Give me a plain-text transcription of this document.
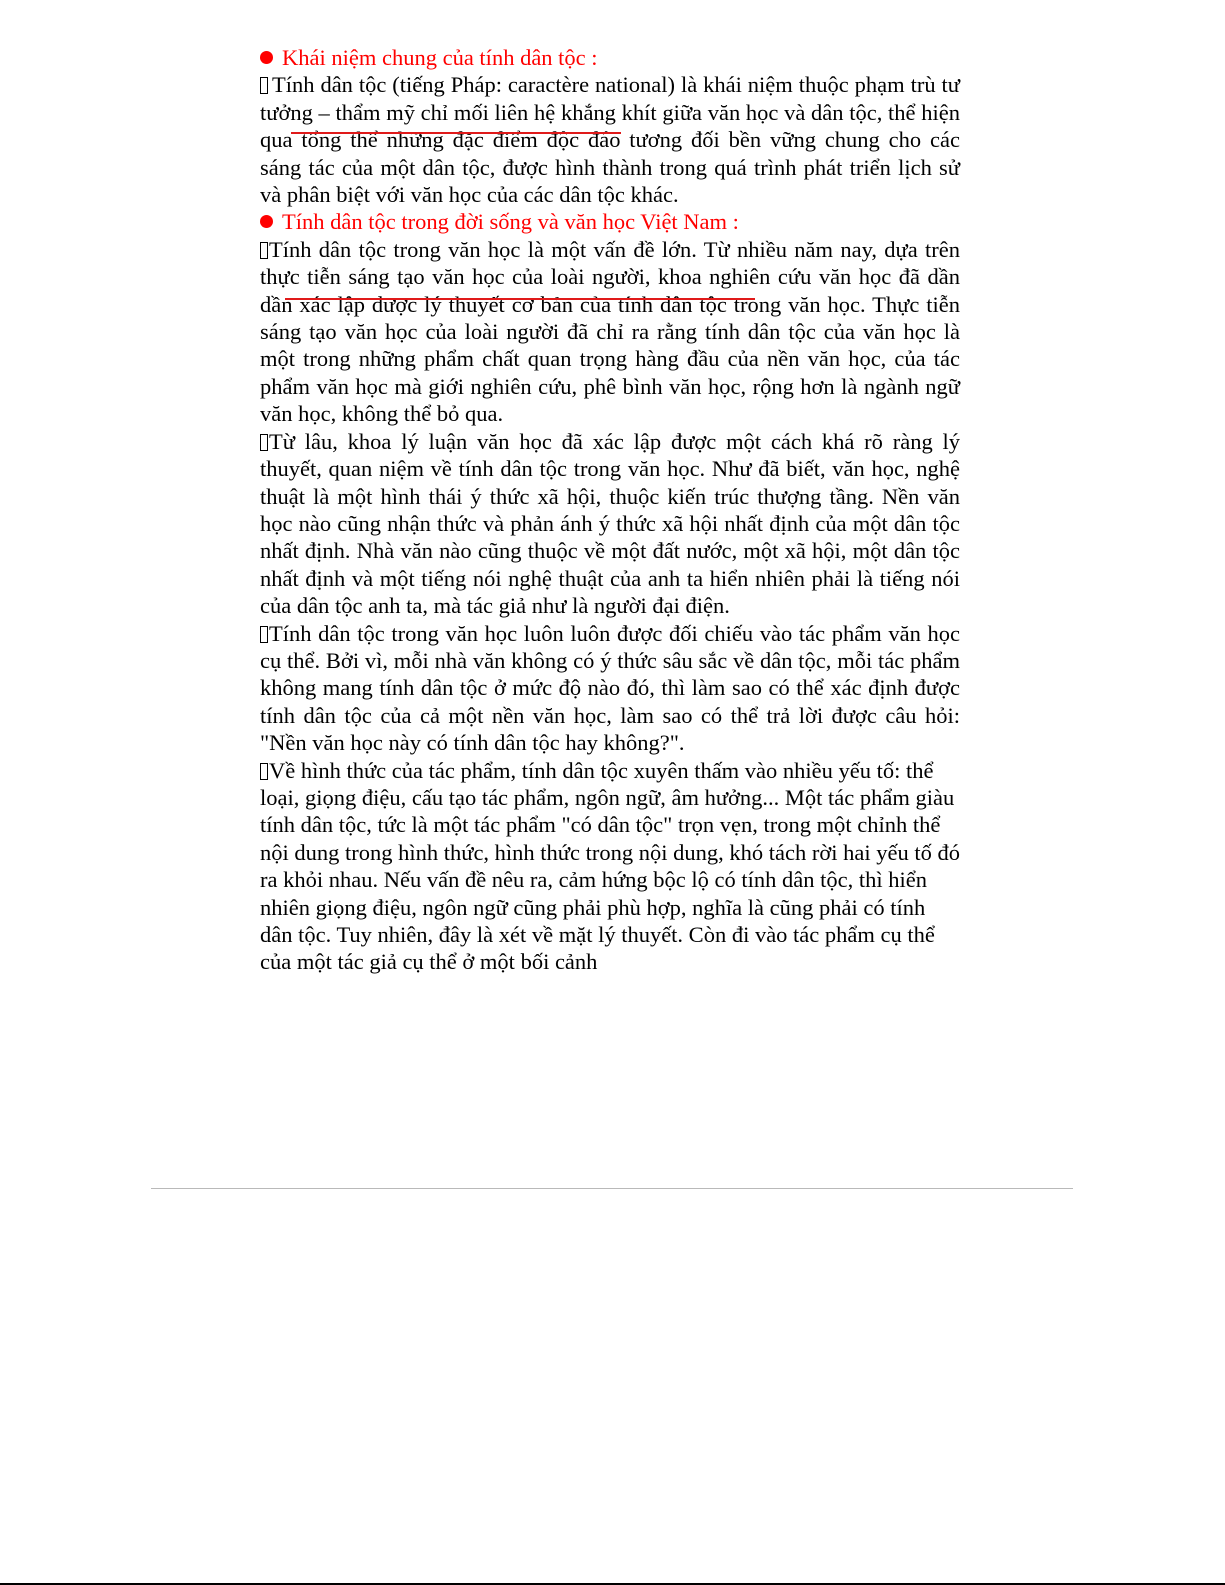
Khái niệm chung của tính dân tộc :

Tính dân tộc (tiếng Pháp: caractère national) là khái niệm thuộc phạm trù tư tưởng – thẩm mỹ chỉ mối liên hệ khắng khít giữa văn học và dân tộc, thể hiện qua tổng thể những đặc điểm độc đáo tương đối bền vững chung cho các sáng tác của một dân tộc, được hình thành trong quá trình phát triển lịch sử và phân biệt với văn học của các dân tộc khác.

Tính dân tộc trong đời sống và văn học Việt Nam :

Tính dân tộc trong văn học là một vấn đề lớn. Từ nhiều năm nay, dựa trên thực tiễn sáng tạo văn học của loài người, khoa nghiên cứu văn học đã dần dần xác lập được lý thuyết cơ bản của tính dân tộc trong văn học. Thực tiễn sáng tạo văn học của loài người đã chỉ ra rằng tính dân tộc của văn học là một trong những phẩm chất quan trọng hàng đầu của nền văn học, của tác phẩm văn học mà giới nghiên cứu, phê bình văn học, rộng hơn là ngành ngữ văn học, không thể bỏ qua.

Từ lâu, khoa lý luận văn học đã xác lập được một cách khá rõ ràng lý thuyết, quan niệm về tính dân tộc trong văn học. Như đã biết, văn học, nghệ thuật là một hình thái ý thức xã hội, thuộc kiến trúc thượng tầng. Nền văn học nào cũng nhận thức và phản ánh ý thức xã hội nhất định của một dân tộc nhất định. Nhà văn nào cũng thuộc về một đất nước, một xã hội, một dân tộc nhất định và một tiếng nói nghệ thuật của anh ta hiển nhiên phải là tiếng nói của dân tộc anh ta, mà tác giả như là người đại điện.

Tính dân tộc trong văn học luôn luôn được đối chiếu vào tác phẩm văn học cụ thể. Bởi vì, mỗi nhà văn không có ý thức sâu sắc về dân tộc, mỗi tác phẩm không mang tính dân tộc ở mức độ nào đó, thì làm sao có thể xác định được tính dân tộc của cả một nền văn học, làm sao có thể trả lời được câu hỏi: "Nền văn học này có tính dân tộc hay không?".

Về hình thức của tác phẩm, tính dân tộc xuyên thấm vào nhiều yếu tố: thể loại, giọng điệu, cấu tạo tác phẩm, ngôn ngữ, âm hưởng... Một tác phẩm giàu tính dân tộc, tức là một tác phẩm "có dân tộc" trọn vẹn, trong một chỉnh thể nội dung trong hình thức, hình thức trong nội dung, khó tách rời hai yếu tố đó ra khỏi nhau. Nếu vấn đề nêu ra, cảm hứng bộc lộ có tính dân tộc, thì hiển nhiên giọng điệu, ngôn ngữ cũng phải phù hợp, nghĩa là cũng phải có tính dân tộc. Tuy nhiên, đây là xét về mặt lý thuyết. Còn đi vào tác phẩm cụ thể của một tác giả cụ thể ở một bối cảnh
